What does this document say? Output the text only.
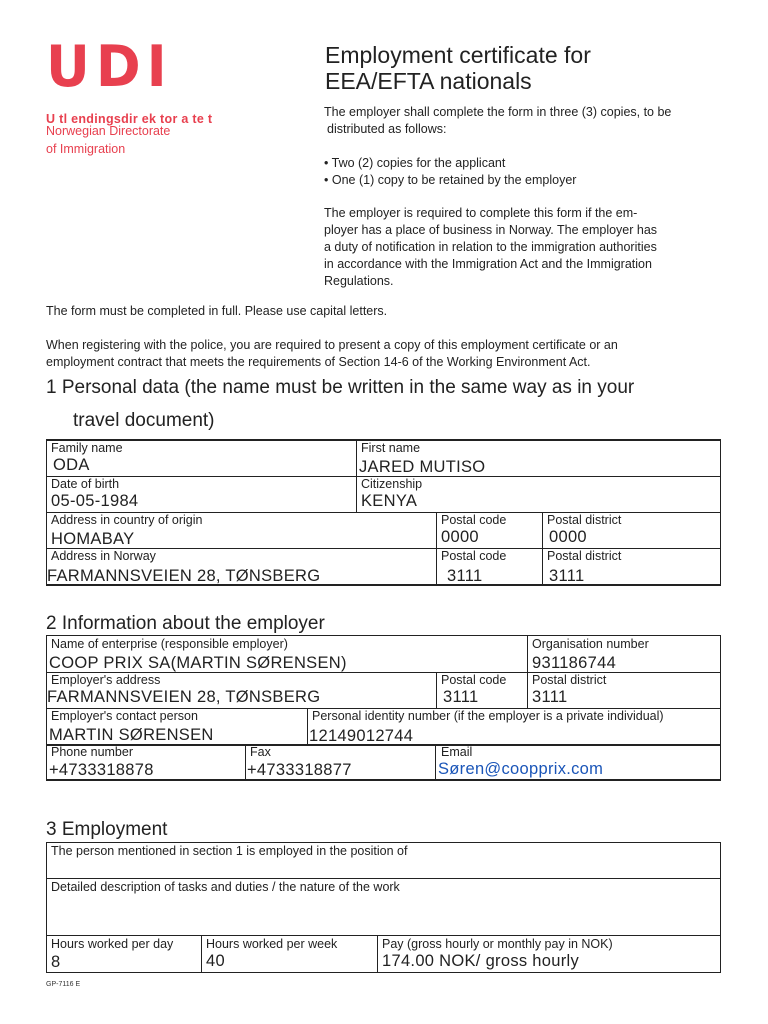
UDI
U tl endingsdir ek tor a te t
Norwegian Directorate
of Immigration
Employment certificate for
EEA/EFTA nationals

The employer shall complete the form in three (3) copies, to be

distributed as follows:

• Two (2) copies for the applicant
• One (1) copy to be retained by the employer
The employer is required to complete this form if the em-
ployer has a place of business in Norway. The employer has
a duty of notification in relation to the immigration authorities
in accordance with the Immigration Act and the Immigration
Regulations.
The form must be completed in full. Please use capital letters.
When registering with the police, you are required to present a copy of this employment certificate or an
employment contract that meets the requirements of Section 14-6 of the Working Environment Act.
1 Personal data (the name must be written in the same way as in your
travel document)
Family name
ODA
First name
JARED MUTISO
Date of birth
05-05-1984
Citizenship
KENYA
Address in country of origin
HOMABAY
Postal code
0000
Postal district
0000
Address in Norway
FARMANNSVEIEN 28, TØNSBERG
Postal code
3111
Postal district
3111
2 Information about the employer
Name of enterprise (responsible employer)
COOP PRIX SA(MARTIN SØRENSEN)
Organisation number
931186744
Employer's address
FARMANNSVEIEN 28, TØNSBERG
Postal code
3111
Postal district
3111
Employer's contact person
MARTIN SØRENSEN
Personal identity number (if the employer is a private individual)
12149012744
Phone number
+4733318878
Fax
+4733318877
Email
Søren@coopprix.com
3 Employment
The person mentioned in section 1 is employed in the position of
Detailed description of tasks and duties / the nature of the work
Hours worked per day
8
Hours worked per week
40
Pay (gross hourly or monthly pay in NOK)
174.00 NOK/ gross hourly
GP-7116 E
